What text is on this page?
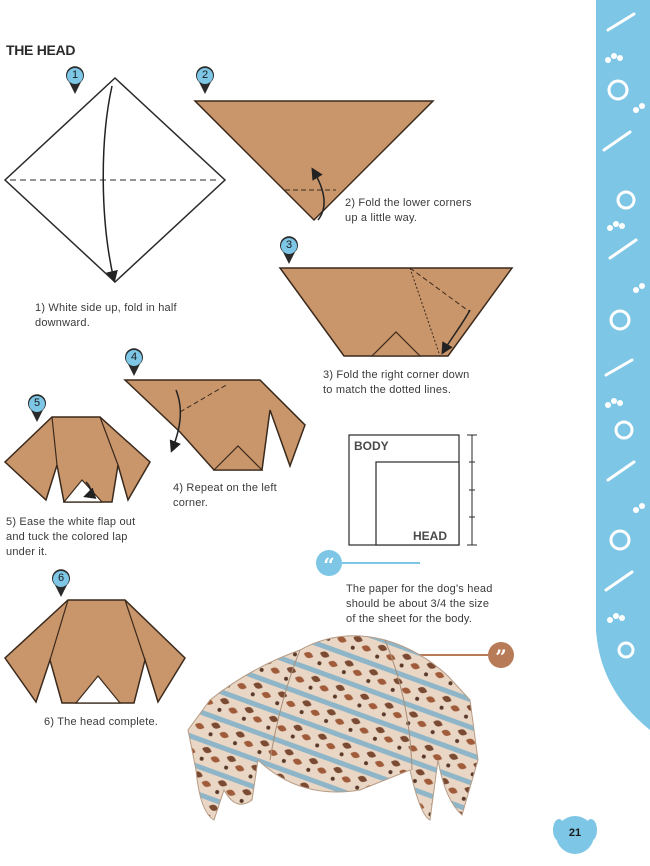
THE HEAD
“
”
1	2
3
4
5
6
1) White side up, fold in half
downward.
2) Fold the lower corners
up a little way.
3) Fold the right corner down
to match the dotted lines.
4) Repeat on the left
corner.
5) Ease the white flap out
and tuck the colored lap
under it.
6) The head complete.
BODY
HEAD
The paper for the dog's head
should be about 3/4 the size
of the sheet for the body.
21
